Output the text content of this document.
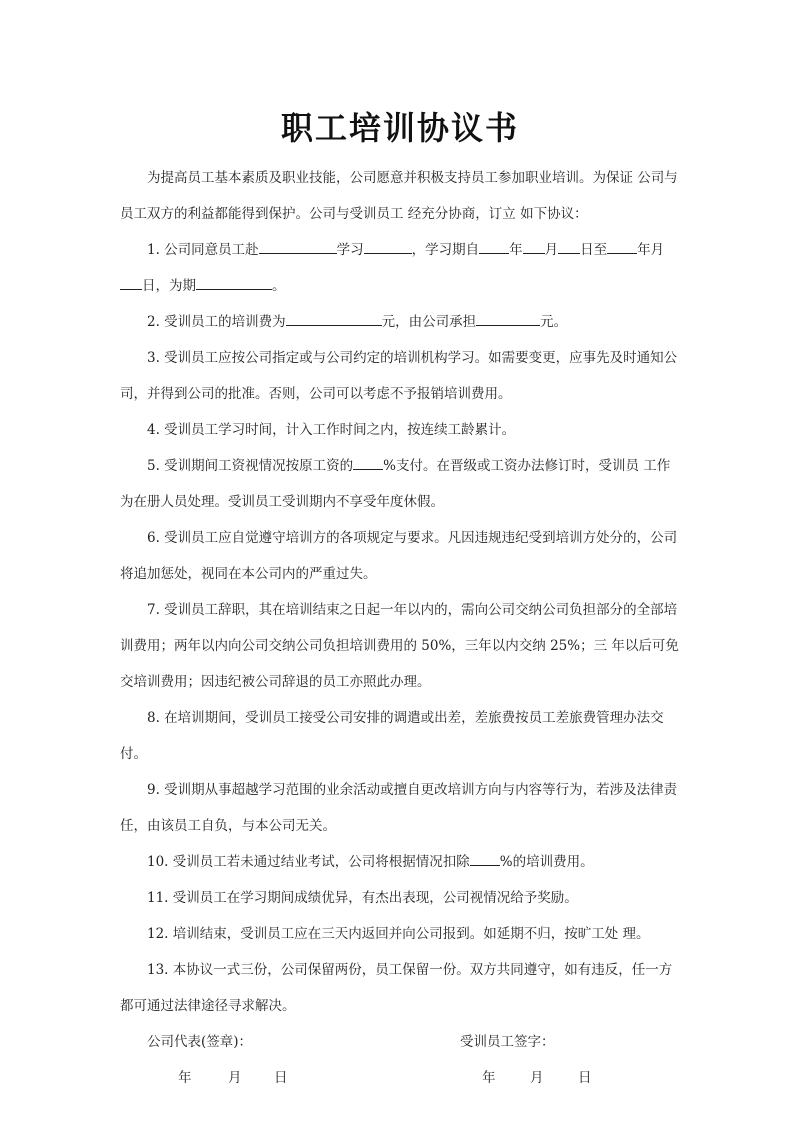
职工培训协议书

为提高员工基本素质及职业技能，公司愿意并积极支持员工参加职业培训。为保证 公司与员工双方的利益都能得到保护。公司与受训员工 经充分协商，订立 如下协议：

1. 公司同意员工赴	学习	，学习期自 年 月 日至 年月日，为期	。

2. 受训员工的培训费为	元，由公司承担	元。

3. 受训员工应按公司指定或与公司约定的培训机构学习。如需要变更，应事先及时通知公司，并得到公司的批准。否则，公司可以考虑不予报销培训费用。

4. 受训员工学习时间，计入工作时间之内，按连续工龄累计。

5. 受训期间工资视情况按原工资的 %支付。在晋级或工资办法修订时，受训员 工作为在册人员处理。受训员工受训期内不享受年度休假。

6. 受训员工应自觉遵守培训方的各项规定与要求。凡因违规违纪受到培训方处分的，公司将追加惩处，视同在本公司内的严重过失。

7. 受训员工辞职，其在培训结束之日起一年以内的，需向公司交纳公司负担部分的全部培训费用；两年以内向公司交纳公司负担培训费用的 50%，三年以内交纳 25%；三 年以后可免交培训费用；因违纪被公司辞退的员工亦照此办理。

8. 在培训期间，受训员工接受公司安排的调遣或出差，差旅费按员工差旅费管理办法交付。

9. 受训期从事超越学习范围的业余活动或擅自更改培训方向与内容等行为，若涉及法律责任，由该员工自负，与本公司无关。

10. 受训员工若未通过结业考试，公司将根据情况扣除 %的培训费用。

11. 受训员工在学习期间成绩优异，有杰出表现，公司视情况给予奖励。

12. 培训结束，受训员工应在三天内返回并向公司报到。如延期不归，按旷工处 理。

13. 本协议一式三份，公司保留两份，员工保留一份。双方共同遵守，如有违反，任一方都可通过法律途径寻求解决。

公司代表(签章)：	受训员工签字：
年	月 日	年	月	日
